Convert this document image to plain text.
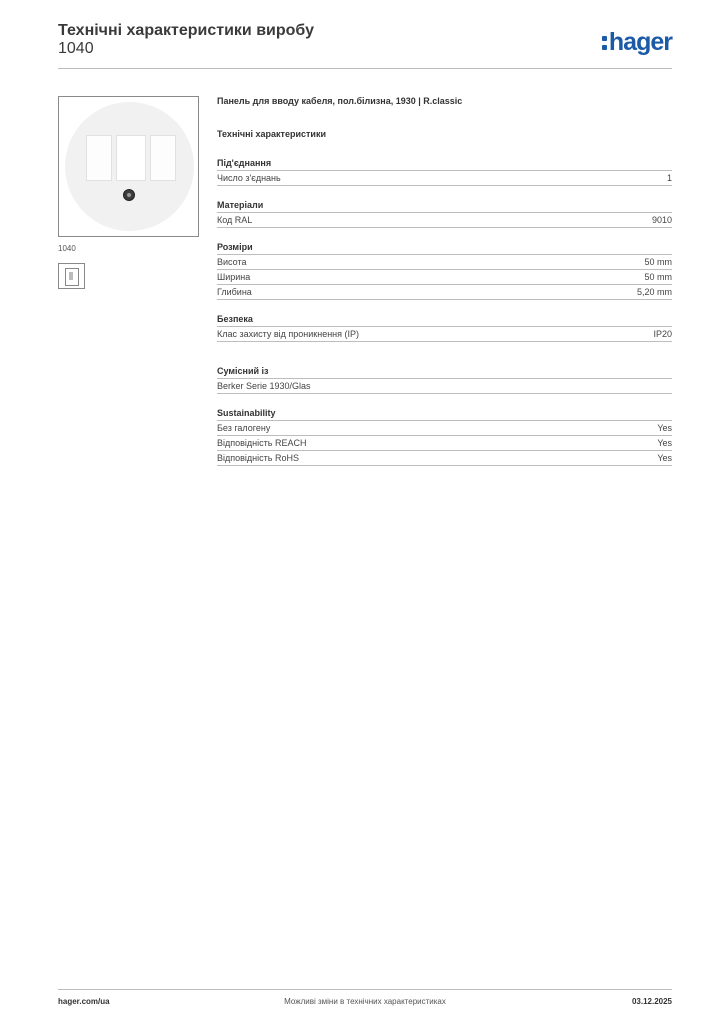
Технічні характеристики виробу
1040	hager
1040
Панель для вводу кабеля, пол.білизна, 1930 | R.classic
Технічні характеристики
Під'єднання
Число з'єднань	1
Матеріали
Код RAL	9010
Розміри
Висота	50 mm
Ширина	50 mm
Глибина	5,20 mm
Безпека
Клас захисту від проникнення (IP)	IP20
Сумісний із
Berker Serie 1930/Glas
Sustainability
Без галогену	Yes
Відповідність REACH	Yes
Відповідність RoHS	Yes
hager.com/ua	Можливі зміни в технічних характеристиках	03.12.2025
